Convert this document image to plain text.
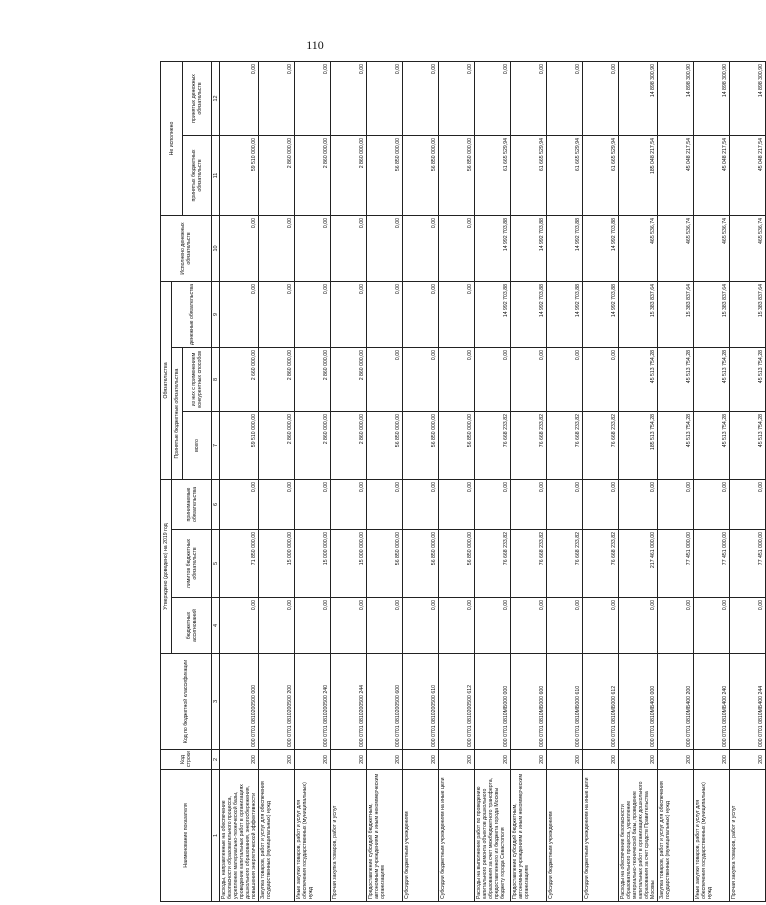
110
Наименование показателя	Код строки	Код по бюджетной классификации	Утверждено (доведено) на 2019 год			Обязательства			Исполнено денежных обязательств	Не исполнено	
			бюджетных ассигнований	лимитов бюджетных обязательств	принимаемые обязательства	Принятые бюджетные обязательства		денежные обязательства			
						всего	из них с применением конкурентных способов			принятых бюджетных обязательств	принятых денежных обязательств

1	2	3	4	5	6	7	8	9	10	11	12
Расходы, направленные на обеспечение безопасности образовательного процесса, укрепление материально-технической базы, проведение капитальных работ в организациях дошкольного образования, энергосбережения, повышения энергетической эффективности	200	000 0701 0810200500 000	0,00	71 850 000,00	0,00	59 510 000,00	2 660 000,00	0,00	0,00	59 510 000,00	0,00
Закупка товаров, работ и услуг для обеспечения государственных (муниципальных) нужд	200	000 0701 0810200500 200	0,00	15 000 000,00	0,00	2 860 000,00	2 860 000,00	0,00	0,00	2 860 000,00	0,00
Иные закупки товаров, работ и услуг для обеспечения государственных (муниципальных) нужд	200	000 0701 0810200500 240	0,00	15 000 000,00	0,00	2 860 000,00	2 860 000,00	0,00	0,00	2 860 000,00	0,00
Прочая закупка товаров, работ и услуг	200	000 0701 0810200500 244	0,00	15 000 000,00	0,00	2 860 000,00	2 860 000,00	0,00	0,00	2 860 000,00	0,00
Предоставление субсидий бюджетным, автономным учреждениям и иным некоммерческим организациям	200	000 0701 0810200500 600	0,00	56 850 000,00	0,00	56 850 000,00	0,00	0,00	0,00	56 850 000,00	0,00
Субсидии бюджетным учреждениям	200	000 0701 0810200500 610	0,00	56 850 000,00	0,00	56 850 000,00	0,00	0,00	0,00	56 850 000,00	0,00
Субсидии бюджетным учреждениям на иные цели	200	000 0701 0810200500 612	0,00	56 850 000,00	0,00	56 850 000,00	0,00	0,00	0,00	56 850 000,00	0,00
Расходы на выполнение работ по проведению капитального ремонта объектов дошкольного образования за счет межбюджетного трансферта, предоставленного из бюджета города Москвы бюджету города Севастополя	200	000 0701 0810МБ000 000	0,00	76 668 233,82	0,00	76 668 233,82	0,00	14 992 703,88	14 992 703,88	61 665 529,94	0,00
Предоставление субсидий бюджетным, автономным учреждениям и иным некоммерческим организациям	200	000 0701 0810МБ000 600	0,00	76 668 233,82	0,00	76 668 233,82	0,00	14 992 703,88	14 992 703,88	61 665 529,94	0,00
Субсидии бюджетным учреждениям	200	000 0701 0810МБ000 610	0,00	76 668 233,82	0,00	76 668 233,82	0,00	14 992 703,88	14 992 703,88	61 665 529,94	0,00
Субсидии бюджетным учреждениям на иные цели	200	000 0701 0810МБ000 612	0,00	76 668 233,82	0,00	76 668 233,82	0,00	14 992 703,88	14 992 703,88	61 665 529,94	0,00
Расходы на обеспечение безопасности образовательного процесса, укрепление материально-технической базы, проведение капитальных работ в организациях дошкольного образования за счет средств Правительства Москвы	200	000 0701 0810МБ400 000	0,00	217 461 000,00	0,00	185 513 754,28	45 513 754,28	15 383 837,64	465 536,74	185 048 217,54	14 898 300,90
Закупка товаров, работ и услуг для обеспечения государственных (муниципальных) нужд	200	000 0701 0810МБ400 200	0,00	77 451 000,00	0,00	45 513 754,28	45 513 754,28	15 383 837,64	465 536,74	45 048 217,54	14 898 300,90
Иные закупки товаров, работ и услуг для обеспечения государственных (муниципальных) нужд	200	000 0701 0810МБ400 240	0,00	77 451 000,00	0,00	45 513 754,28	45 513 754,28	15 383 837,64	465 536,74	45 048 217,54	14 898 300,90
Прочая закупка товаров, работ и услуг	200	000 0701 0810МБ400 244	0,00	77 451 000,00	0,00	45 513 754,28	45 513 754,28	15 383 837,64	465 536,74	45 048 217,54	14 898 300,90
